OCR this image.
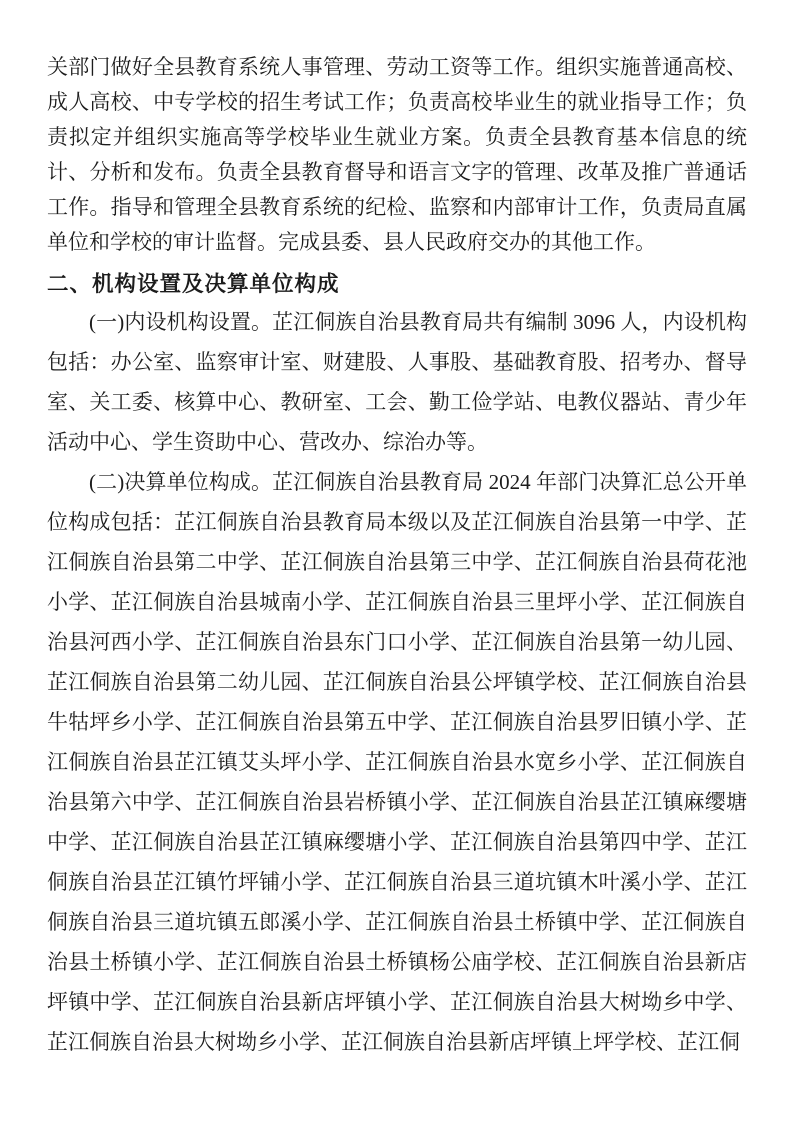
关部门做好全县教育系统人事管理、劳动工资等工作。组织实施普通高校、成人高校、中专学校的招生考试工作；负责高校毕业生的就业指导工作；负责拟定并组织实施高等学校毕业生就业方案。负责全县教育基本信息的统计、分析和发布。负责全县教育督导和语言文字的管理、改革及推广普通话工作。指导和管理全县教育系统的纪检、监察和内部审计工作，负责局直属单位和学校的审计监督。完成县委、县人民政府交办的其他工作。

二、机构设置及决算单位构成

(一)内设机构设置。芷江侗族自治县教育局共有编制 3096 人，内设机构包括：办公室、监察审计室、财建股、人事股、基础教育股、招考办、督导室、关工委、核算中心、教研室、工会、勤工俭学站、电教仪器站、青少年活动中心、学生资助中心、营改办、综治办等。

(二)决算单位构成。芷江侗族自治县教育局 2024 年部门决算汇总公开单位构成包括：芷江侗族自治县教育局本级以及芷江侗族自治县第一中学、芷江侗族自治县第二中学、芷江侗族自治县第三中学、芷江侗族自治县荷花池小学、芷江侗族自治县城南小学、芷江侗族自治县三里坪小学、芷江侗族自治县河西小学、芷江侗族自治县东门口小学、芷江侗族自治县第一幼儿园、芷江侗族自治县第二幼儿园、芷江侗族自治县公坪镇学校、芷江侗族自治县牛牯坪乡小学、芷江侗族自治县第五中学、芷江侗族自治县罗旧镇小学、芷江侗族自治县芷江镇艾头坪小学、芷江侗族自治县水宽乡小学、芷江侗族自治县第六中学、芷江侗族自治县岩桥镇小学、芷江侗族自治县芷江镇麻缨塘中学、芷江侗族自治县芷江镇麻缨塘小学、芷江侗族自治县第四中学、芷江侗族自治县芷江镇竹坪铺小学、芷江侗族自治县三道坑镇木叶溪小学、芷江侗族自治县三道坑镇五郎溪小学、芷江侗族自治县土桥镇中学、芷江侗族自治县土桥镇小学、芷江侗族自治县土桥镇杨公庙学校、芷江侗族自治县新店坪镇中学、芷江侗族自治县新店坪镇小学、芷江侗族自治县大树坳乡中学、芷江侗族自治县大树坳乡小学、芷江侗族自治县新店坪镇上坪学校、芷江侗
